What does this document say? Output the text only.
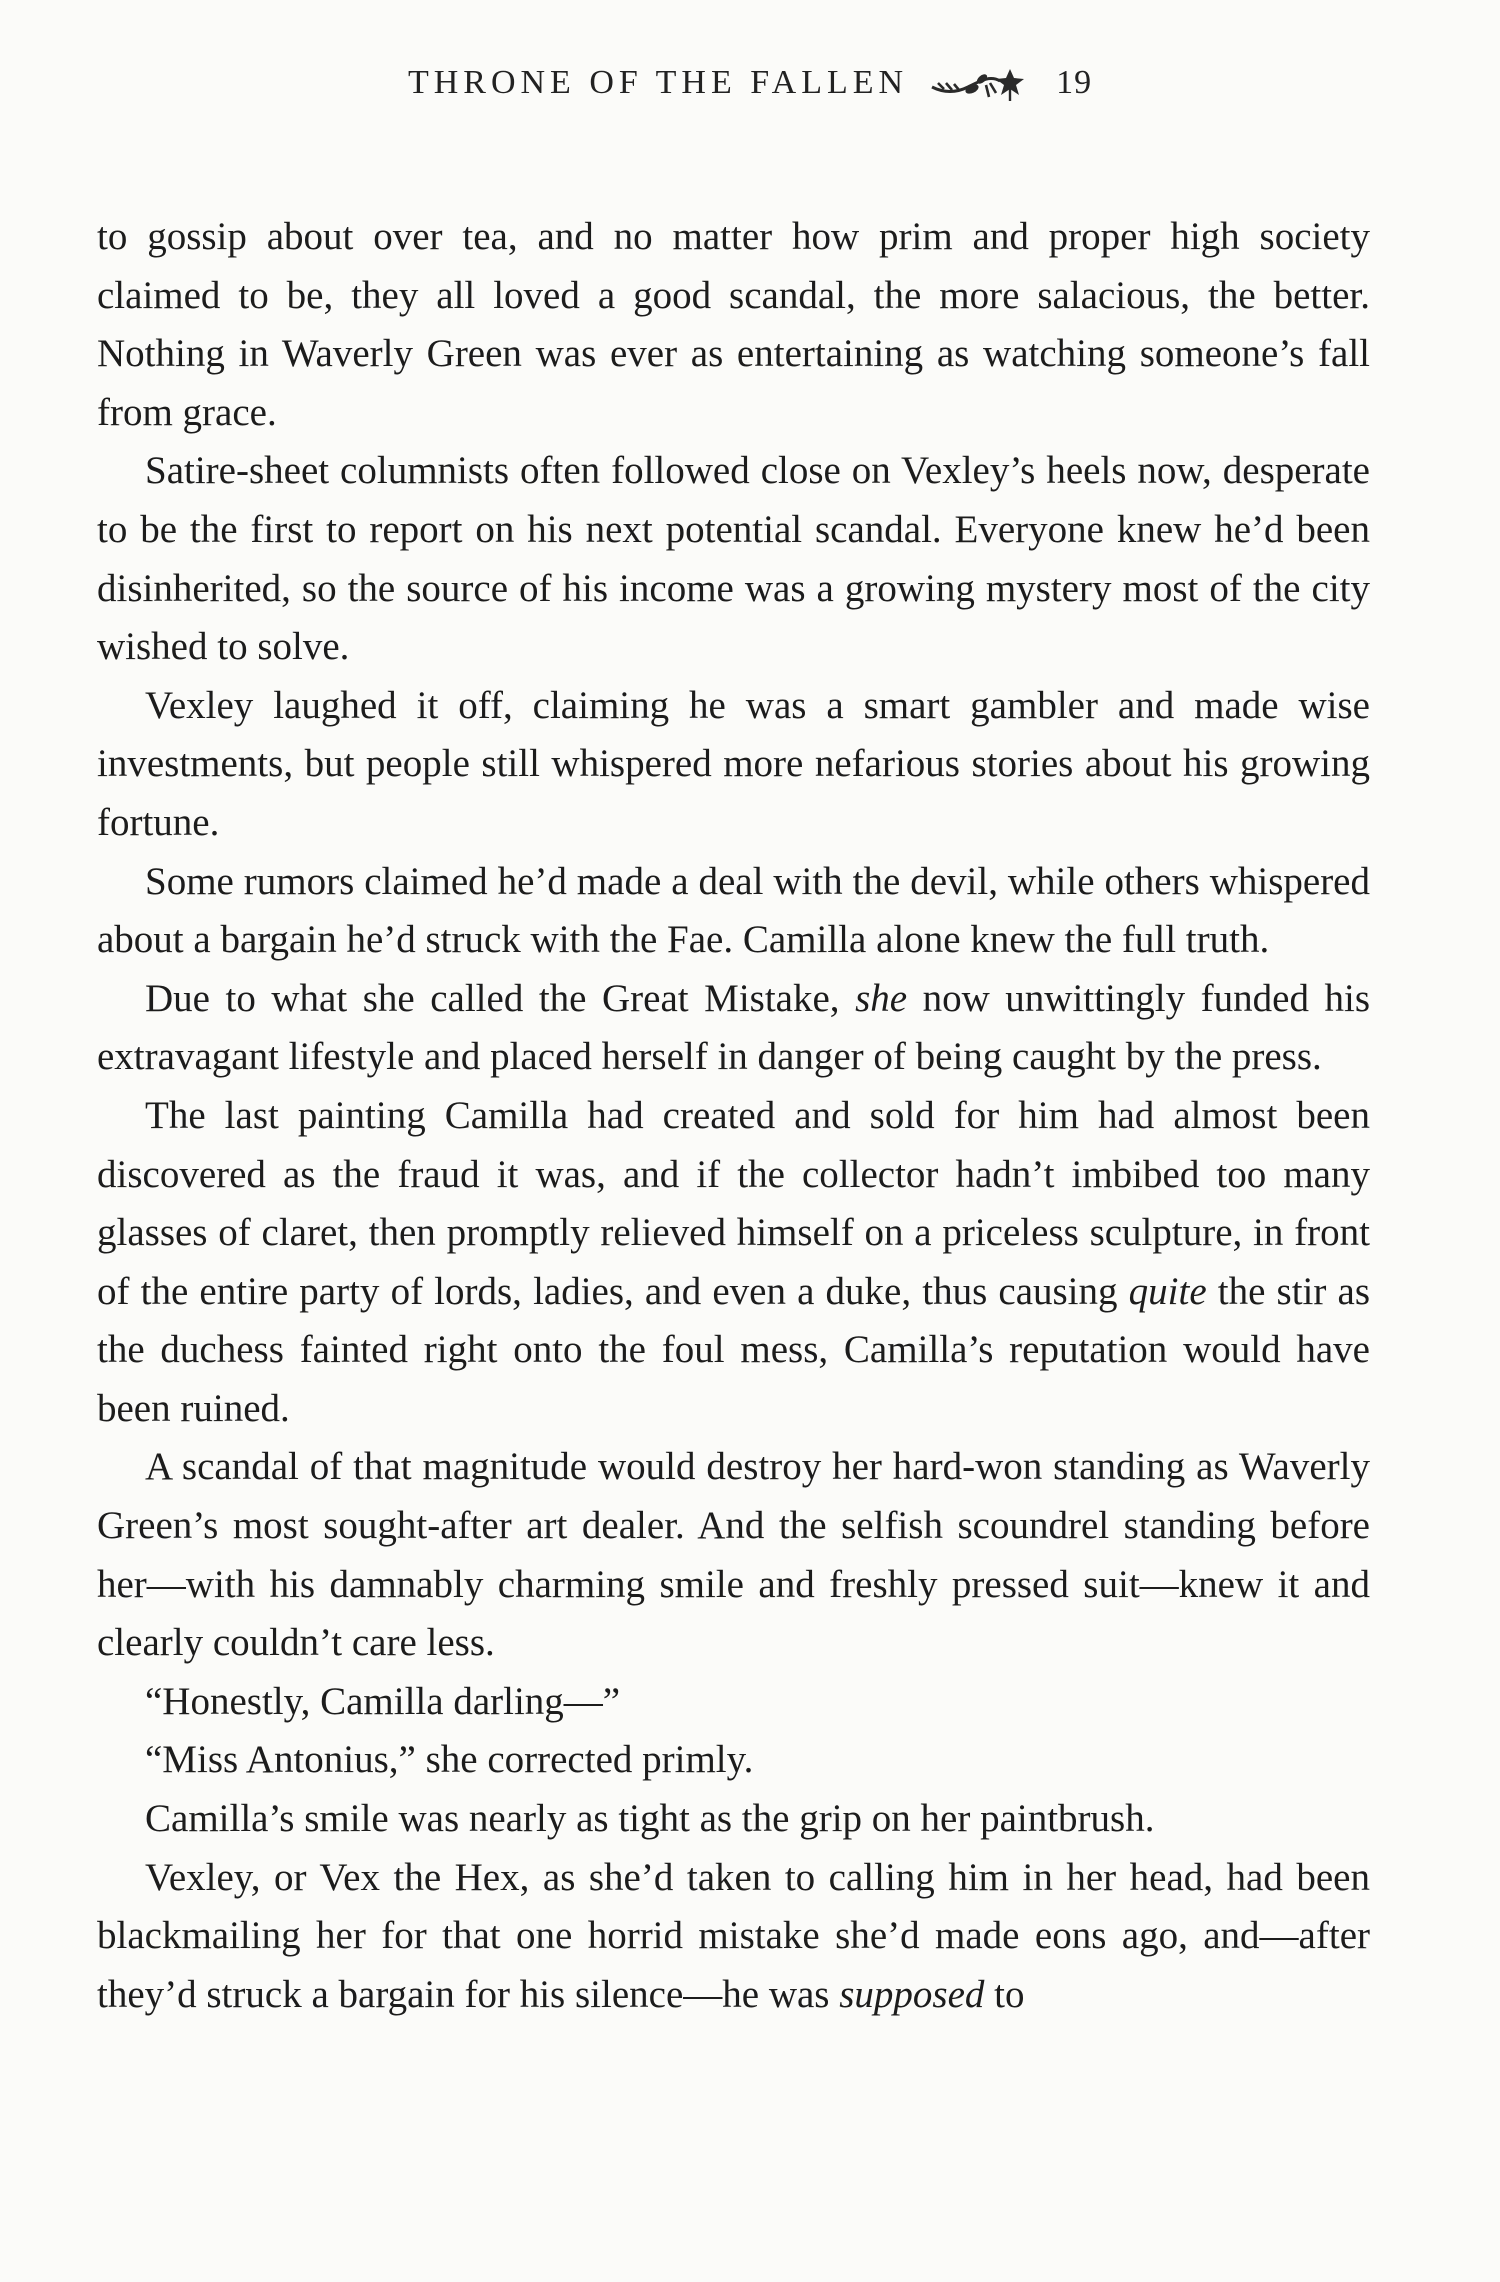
THRONE OF THE FALLEN	19

to gossip about over tea, and no matter how prim and proper high society claimed to be, they all loved a good scandal, the more salacious, the better. Nothing in Waverly Green was ever as entertaining as watching someone’s fall from grace.

Satire-sheet columnists often followed close on Vexley’s heels now, desperate to be the first to report on his next potential scandal. Everyone knew he’d been disinherited, so the source of his income was a growing mystery most of the city wished to solve.

Vexley laughed it off, claiming he was a smart gambler and made wise investments, but people still whispered more nefarious stories about his growing fortune.

Some rumors claimed he’d made a deal with the devil, while others whispered about a bargain he’d struck with the Fae. Camilla alone knew the full truth.

Due to what she called the Great Mistake, she now unwittingly funded his extravagant lifestyle and placed herself in danger of being caught by the press.

The last painting Camilla had created and sold for him had almost been discovered as the fraud it was, and if the collector hadn’t imbibed too many glasses of claret, then promptly relieved himself on a priceless sculpture, in front of the entire party of lords, ladies, and even a duke, thus causing quite the stir as the duchess fainted right onto the foul mess, Camilla’s reputation would have been ruined.

A scandal of that magnitude would destroy her hard-won standing as Waverly Green’s most sought-after art dealer. And the selfish scoundrel standing before her—with his damnably charming smile and freshly pressed suit—knew it and clearly couldn’t care less.

“Honestly, Camilla darling—”

“Miss Antonius,” she corrected primly.

Camilla’s smile was nearly as tight as the grip on her paintbrush.

Vexley, or Vex the Hex, as she’d taken to calling him in her head, had been blackmailing her for that one horrid mistake she’d made eons ago, and—after they’d struck a bargain for his silence—he was supposed to
